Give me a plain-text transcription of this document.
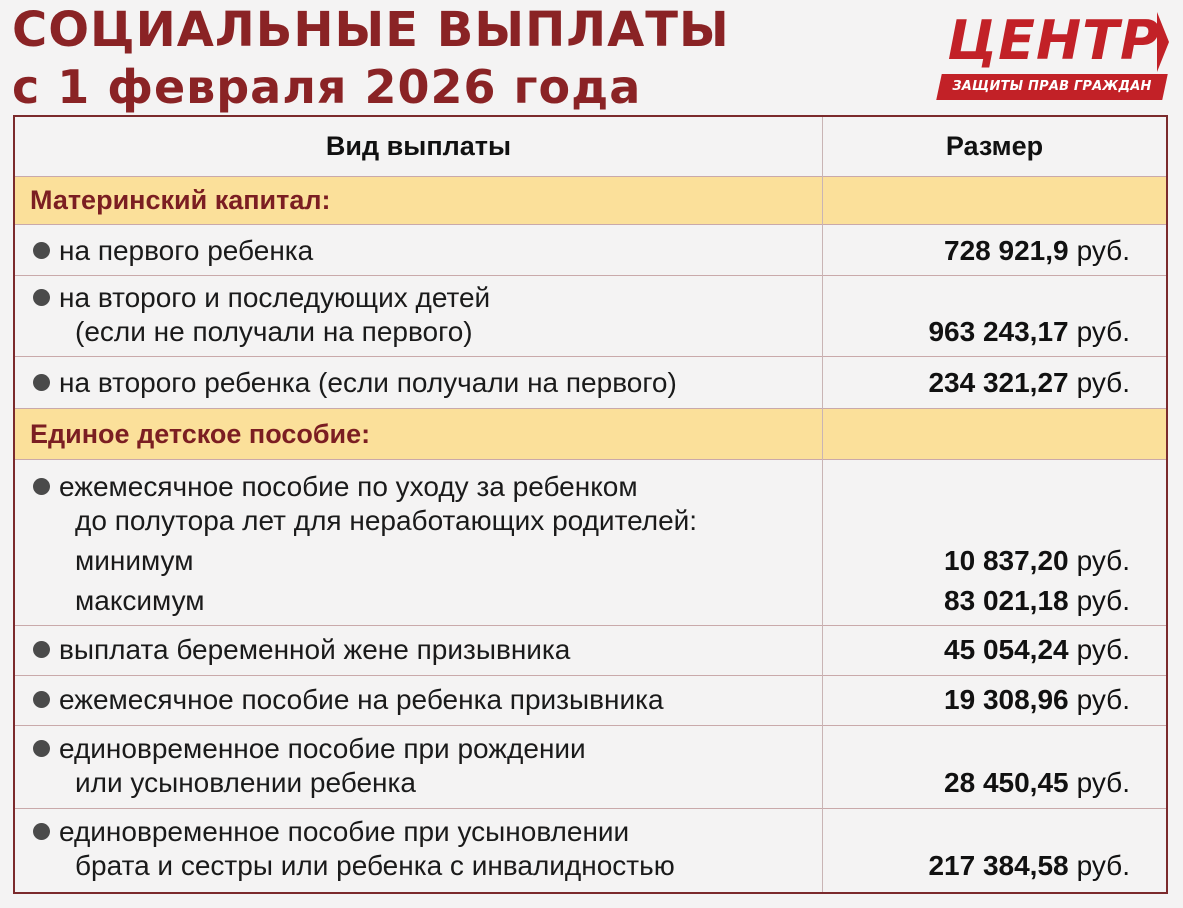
СОЦИАЛЬНЫЕ ВЫПЛАТЫ
с 1 февраля 2026 года
ЦЕНТР
ЗАЩИТЫ ПРАВ ГРАЖДАН
Вид выплаты	Размер
Материнский капитал:
на первого ребенка	728 921,9 руб.
на второго и последующих детей
(если не получали на первого)	963 243,17 руб.
на второго ребенка (если получали на первого)	234 321,27 руб.
Единое детское пособие:
ежемесячное пособие по уходу за ребенком
до полутора лет для неработающих родителей:
минимум	10 837,20 руб.
максимум	83 021,18 руб.
выплата беременной жене призывника	45 054,24 руб.
ежемесячное пособие на ребенка призывника	19 308,96 руб.
единовременное пособие при рождении
или усыновлении ребенка	28 450,45 руб.
единовременное пособие при усыновлении
брата и сестры или ребенка с инвалидностью	217 384,58 руб.
